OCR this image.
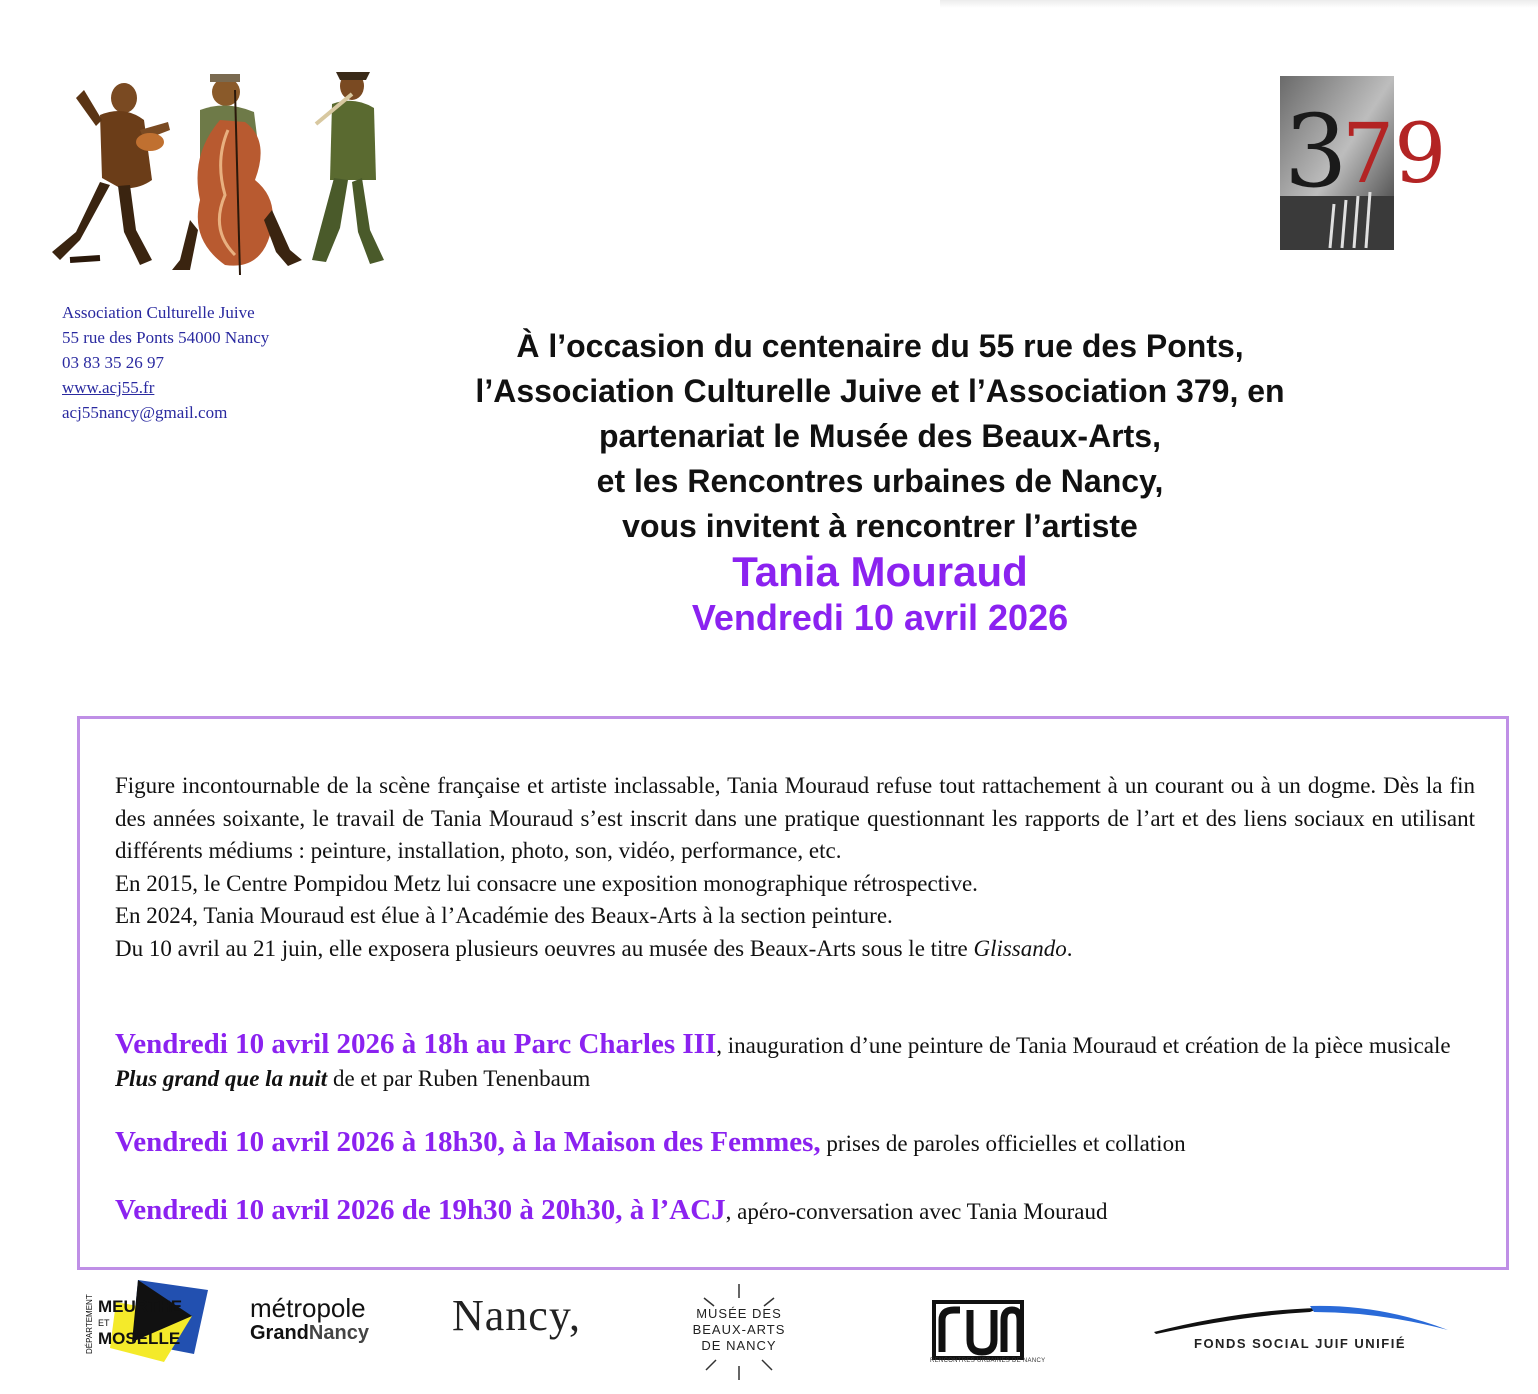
3
79
Association Culturelle Juive
55 rue des Ponts 54000 Nancy
03 83 35 26 97
www.acj55.fr
acj55nancy@gmail.com
À l’occasion du centenaire du 55 rue des Ponts,
l’Association Culturelle Juive et l’Association 379, en
partenariat le Musée des Beaux-Arts,
et les Rencontres urbaines de Nancy,
vous invitent à rencontrer l’artiste
Tania Mouraud
Vendredi 10 avril 2026

Figure incontournable de la scène française et artiste inclassable, Tania Mouraud refuse tout rattachement à un courant ou à un dogme. Dès la fin des années soixante, le travail de Tania Mouraud s’est inscrit dans une pratique questionnant les rapports de l’art et des liens sociaux en utilisant différents médiums : peinture, installation, photo, son, vidéo, performance, etc.

En 2015, le Centre Pompidou Metz lui consacre une exposition monographique rétrospective.

En 2024, Tania Mouraud est élue à l’Académie des Beaux-Arts à la section peinture.

Du 10 avril au 21 juin, elle exposera plusieurs oeuvres au musée des Beaux-Arts sous le titre Glissando.

Vendredi 10 avril 2026 à 18h au Parc Charles III, inauguration d’une peinture de Tania Mouraud et création de la pièce musicale Plus grand que la nuit de et par Ruben Tenenbaum
Vendredi 10 avril 2026 à 18h30, à la Maison des Femmes, prises de paroles officielles et collation
Vendredi 10 avril 2026 de 19h30 à 20h30, à l’ACJ, apéro-conversation avec Tania Mouraud
DÉPARTEMENT MEURTHE
ET
MOSELLE
métropole
GrandNancy Nancy,	MUSÉE DES
BEAUX-ARTS
DE NANCY
RENCONTRES URBAINES DE NANCY
FONDS SOCIAL JUIF UNIFIÉ
